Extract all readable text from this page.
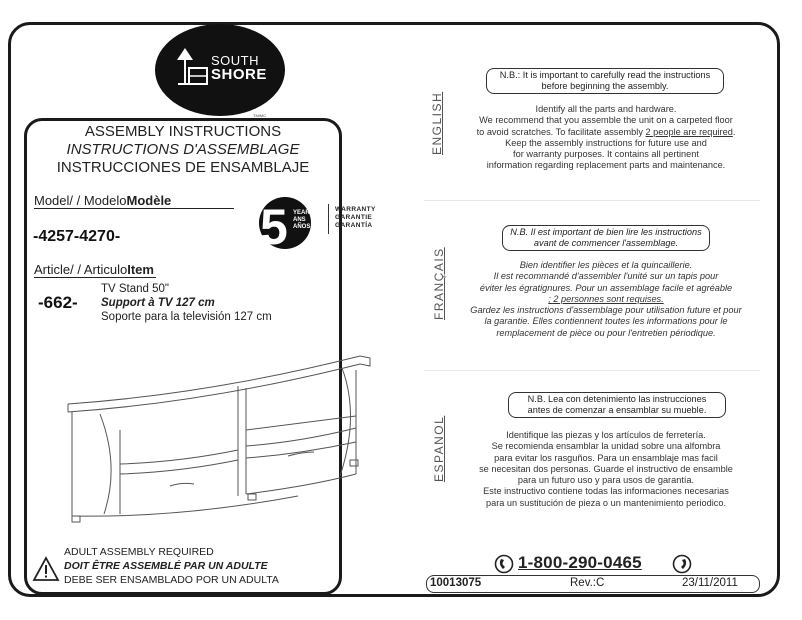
SOUTH
SHORE
TM/MC
ASSEMBLY INSTRUCTIONS
INSTRUCTIONS D'ASSEMBLAGE
INSTRUCCIONES DE ENSAMBLAJE
Model/ / ModeloModèle
-4257-4270-	5 YEARS
ANS
AÑOS
WARRANTY
GARANTIE
GARANTÍA
Article/ / ArticuloItem
-662-
TV Stand 50"
Support à TV 127 cm
Soporte para la televisión 127 cm
ADULT ASSEMBLY REQUIRED
DOIT ÊTRE ASSEMBLÉ PAR UN ADULTE
DEBE SER ENSAMBLADO POR UN ADULTA
ENGLISH
N.B.: It is important to carefully read the instructions
before beginning the assembly.
Identify all the parts and hardware.
We recommend that you assemble the unit on a carpeted floor
to avoid scratches. To facilitate assembly 2 people are required.
Keep the assembly instructions for future use and
for warranty purposes. It contains all pertinent
information regarding replacement parts and maintenance.
FRANÇAIS
N.B. Il est important de bien lire les instructions
avant de commencer l'assemblage.
Bien identifier les pièces et la quincaillerie.
Il est recommandé d'assembler l'unité sur un tapis pour
éviter les égratignures. Pour un assemblage facile et agréable
; 2 personnes sont requises.
Gardez les instructions d'assemblage pour utilisation future et pour
la garantie. Elles contiennent toutes les informations pour le
remplacement de pièce ou pour l'entretien périodique.
ESPANOL
N.B. Lea con detenimiento las instrucciones
antes de comenzar a ensamblar su mueble.
Identifique las piezas y los artículos de ferretería.
Se recomienda ensamblar la unidad sobre una alfombra
para evitar los rasguños. Para un ensamblaje mas facil
se necesitan dos personas. Guarde el instructivo de ensamble
para un futuro uso y para usos de garantía.
Este instructivo contiene todas las informaciones necesarias
para un sustitución de pieza o un mantenimiento periodico.
1-800-290-0465
10013075	Rev.:C	23/11/2011
